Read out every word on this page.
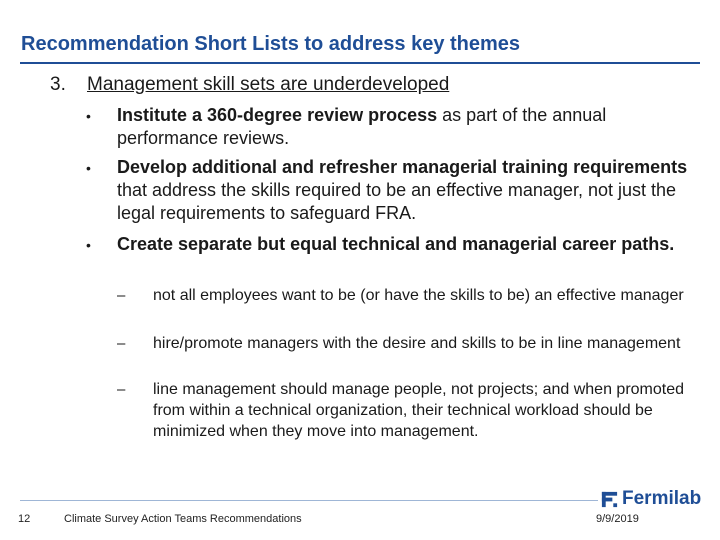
Recommendation Short Lists to address key themes
3. Management skill sets are underdeveloped
• Institute a 360-degree review process as part of the annual performance reviews.
• Develop additional and refresher managerial training requirements that address the skills required to be an effective manager, not just the legal requirements to safeguard FRA.
• Create separate but equal technical and managerial career paths.
– not all employees want to be (or have the skills to be) an effective manager
– hire/promote managers with the desire and skills to be in line management
– line management should manage people, not projects; and when promoted from within a technical organization, their technical workload should be minimized when they move into management.
12	Climate Survey Action Teams Recommendations	9/9/2019
Fermilab
